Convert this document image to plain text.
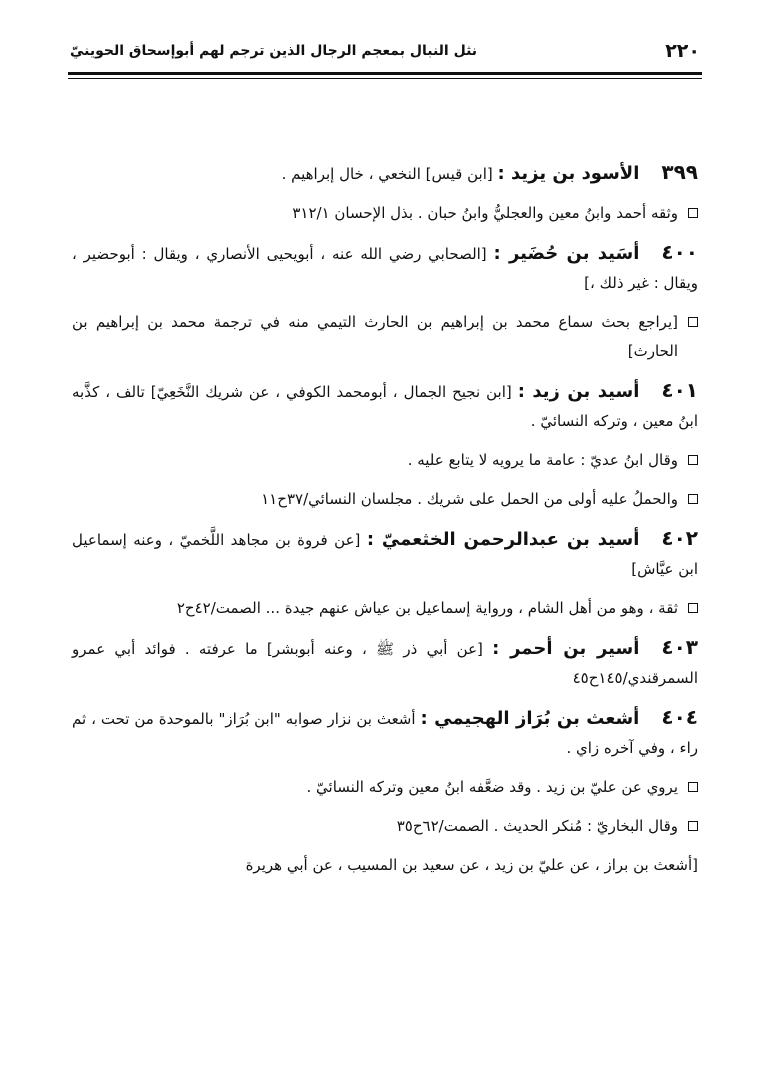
٢٢٠
نثل النبال بمعجم الرجال الذين ترجم لهم أبوإسحاق الحوينيّ

٣٩٩الأسود بن يزيد : [ابن قيس] النخعي ، خال إبراهيم .

وثقه أحمد وابنُ معين والعجليُّ وابنُ حبان . بذل الإحسان ٣١٢/١

٤٠٠أسَيد بن حُضَير : [الصحابي رضي الله عنه ، أبويحيى الأنصاري ، ويقال : أبوحضير ، ويقال : غير ذلك ،]

[يراجع بحث سماع محمد بن إبراهيم بن الحارث التيمي منه في ترجمة محمد بن إبراهيم بن الحارث]

٤٠١أسيد بن زيد : [ابن نجيح الجمال ، أبومحمد الكوفي ، عن شريك النَّخَعِيّ] تالف ، كذَّبه ابنُ معين ، وتركه النسائيّ .

وقال ابنُ عديّ : عامة ما يرويه لا يتابع عليه .

والحملُ عليه أولى من الحمل على شريك . مجلسان النسائي/٣٧ح١١

٤٠٢أسيد بن عبدالرحمن الخثعميّ : [عن فروة بن مجاهد اللَّخميّ ، وعنه إسماعيل ابن عيَّاش]

ثقة ، وهو من أهل الشام ، ورواية إسماعيل بن عياش عنهم جيدة ... الصمت/٤٢ح٢

٤٠٣أسير بن أحمر : [عن أبي ذر ﷺ ، وعنه أبوبشر] ما عرفته . فوائد أبي عمرو السمرقندي/١٤٥ح٤٥

٤٠٤أشعث بن بُرَاز الهجيمي : أشعث بن نزار صوابه "ابن بُرَاز" بالموحدة من تحت ، ثم راء ، وفي آخره زاي .

يروي عن عليّ بن زيد . وقد ضعَّفه ابنُ معين وتركه النسائيّ .

وقال البخاريّ : مُنكر الحديث . الصمت/٦٢ح٣٥

[أشعث بن براز ، عن عليّ بن زيد ، عن سعيد بن المسيب ، عن أبي هريرة
